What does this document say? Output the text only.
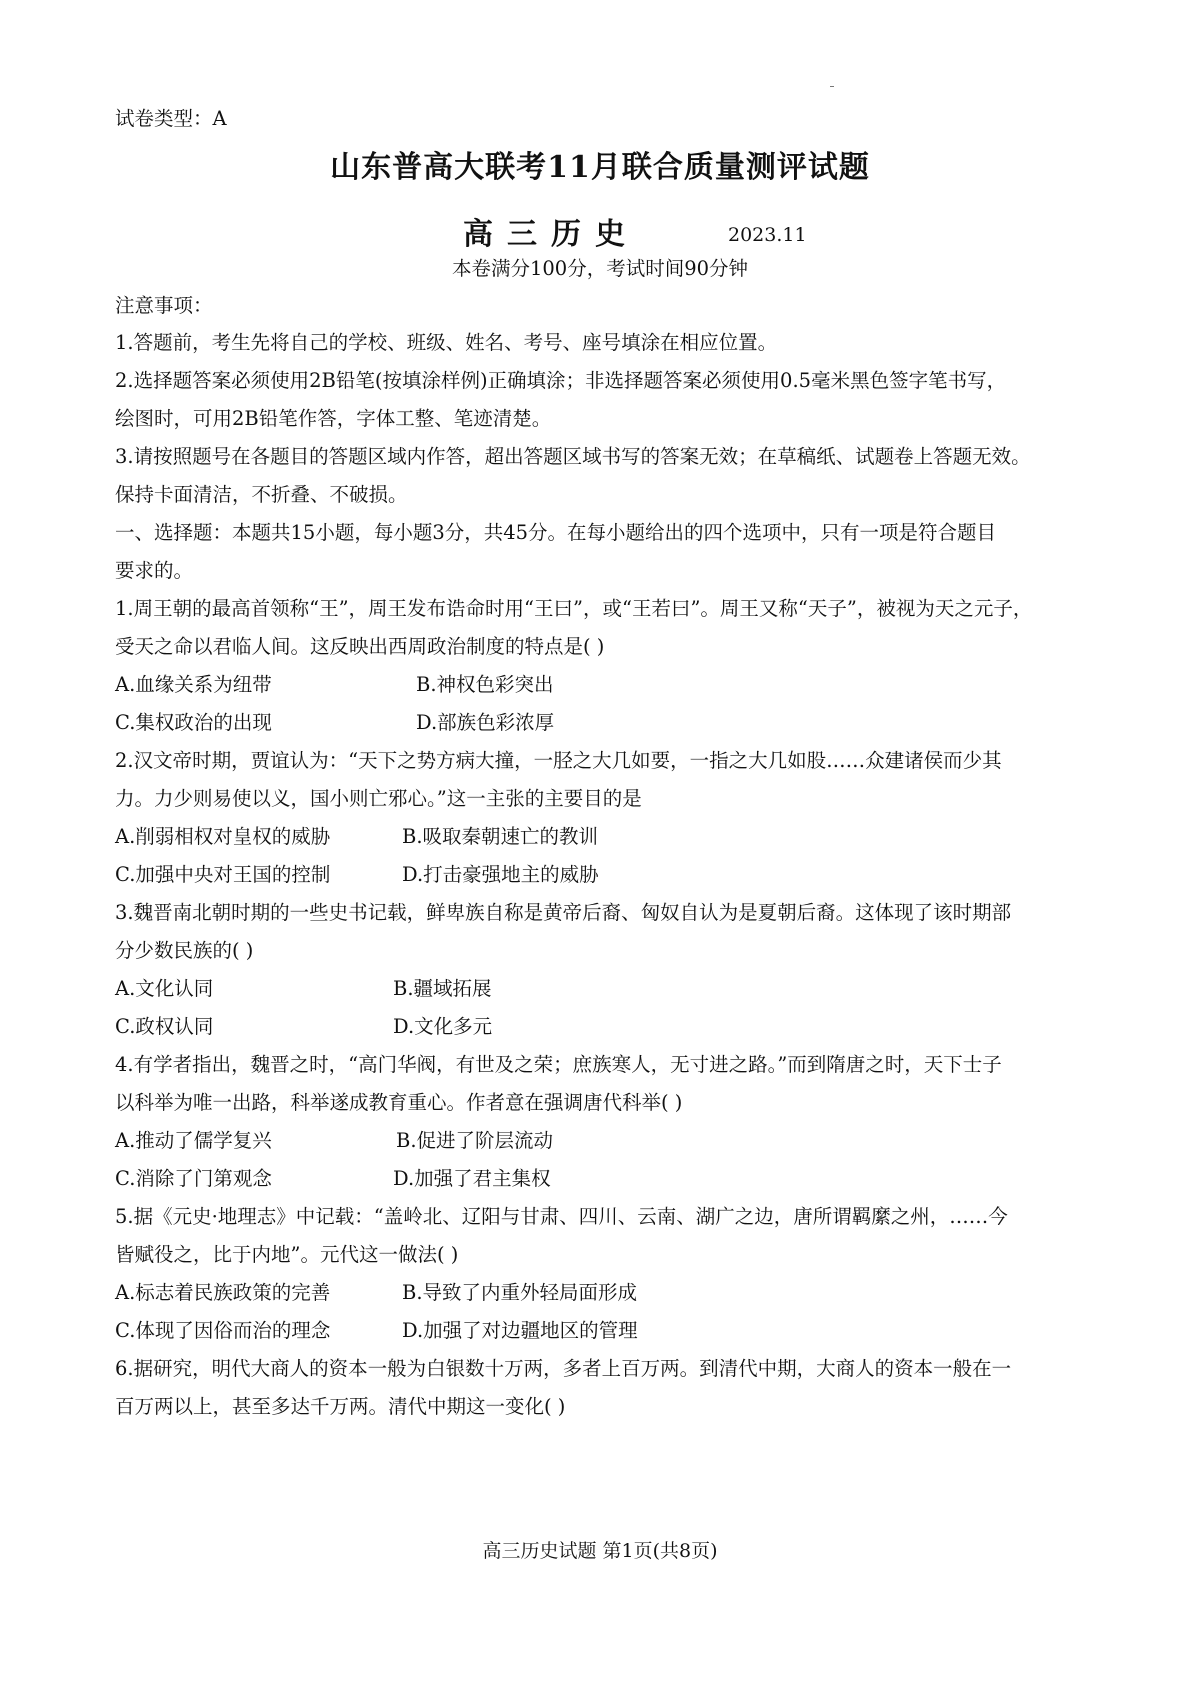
试卷类型：A
山东普高大联考11月联合质量测评试题
高三历史	2023.11
本卷满分100分，考试时间90分钟
注意事项：
1.答题前，考生先将自己的学校、班级、姓名、考号、座号填涂在相应位置。
2.选择题答案必须使用2B铅笔(按填涂样例)正确填涂；非选择题答案必须使用0.5毫米黑色签字笔书写，
绘图时，可用2B铅笔作答，字体工整、笔迹清楚。
3.请按照题号在各题目的答题区域内作答，超出答题区域书写的答案无效；在草稿纸、试题卷上答题无效。
保持卡面清洁，不折叠、不破损。
一、选择题：本题共15小题，每小题3分，共45分。在每小题给出的四个选项中，只有一项是符合题目
要求的。
1.周王朝的最高首领称“王”，周王发布诰命时用“王曰”，或“王若曰”。周王又称“天子”，被视为天之元子，
受天之命以君临人间。这反映出西周政治制度的特点是( )
A.血缘关系为纽带	B.神权色彩突出
C.集权政治的出现	D.部族色彩浓厚
2.汉文帝时期，贾谊认为：“天下之势方病大撞，一胫之大几如要，一指之大几如股……众建诸侯而少其
力。力少则易使以义，国小则亡邪心。”这一主张的主要目的是
A.削弱相权对皇权的威胁	B.吸取秦朝速亡的教训
C.加强中央对王国的控制	D.打击豪强地主的威胁
3.魏晋南北朝时期的一些史书记载，鲜卑族自称是黄帝后裔、匈奴自认为是夏朝后裔。这体现了该时期部
分少数民族的( )
A.文化认同	B.疆域拓展
C.政权认同	D.文化多元
4.有学者指出，魏晋之时，“高门华阀，有世及之荣；庶族寒人，无寸进之路。”而到隋唐之时，天下士子
以科举为唯一出路，科举遂成教育重心。作者意在强调唐代科举( )
A.推动了儒学复兴	B.促进了阶层流动
C.消除了门第观念	D.加强了君主集权
5.据《元史·地理志》中记载：“盖岭北、辽阳与甘肃、四川、云南、湖广之边，唐所谓羁縻之州，……今
皆赋役之，比于内地”。元代这一做法( )
A.标志着民族政策的完善	B.导致了内重外轻局面形成
C.体现了因俗而治的理念	D.加强了对边疆地区的管理
6.据研究，明代大商人的资本一般为白银数十万两，多者上百万两。到清代中期，大商人的资本一般在一
百万两以上，甚至多达千万两。清代中期这一变化( )
高三历史试题 第1页(共8页)
